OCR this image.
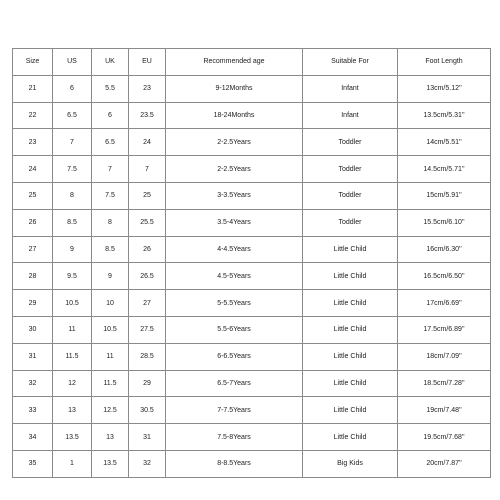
Size	US	UK	EU	Recommended age	Suitable For	Foot Length
21	6	5.5	23	9-12Months	Infant	13cm/5.12''
22	6.5	6	23.5	18-24Months	Infant	13.5cm/5.31''
23	7	6.5	24	2-2.5Years	Toddler	14cm/5.51''
24	7.5	7	7	2-2.5Years	Toddler	14.5cm/5.71''
25	8	7.5	25	3-3.5Years	Toddler	15cm/5.91''
26	8.5	8	25.5	3.5-4Years	Toddler	15.5cm/6.10''
27	9	8.5	26	4-4.5Years	Little Child	16cm/6.30''
28	9.5	9	26.5	4.5-5Years	Little Child	16.5cm/6.50''
29	10.5	10	27	5-5.5Years	Little Child	17cm/6.69''
30	11	10.5	27.5	5.5-6Years	Little Child	17.5cm/6.89''
31	11.5	11	28.5	6-6.5Years	Little Child	18cm/7.09''
32	12	11.5	29	6.5-7Years	Little Child	18.5cm/7.28''
33	13	12.5	30.5	7-7.5Years	Little Child	19cm/7.48''
34	13.5	13	31	7.5-8Years	Little Child	19.5cm/7.68''
35	1	13.5	32	8-8.5Years	Big Kids	20cm/7.87''
